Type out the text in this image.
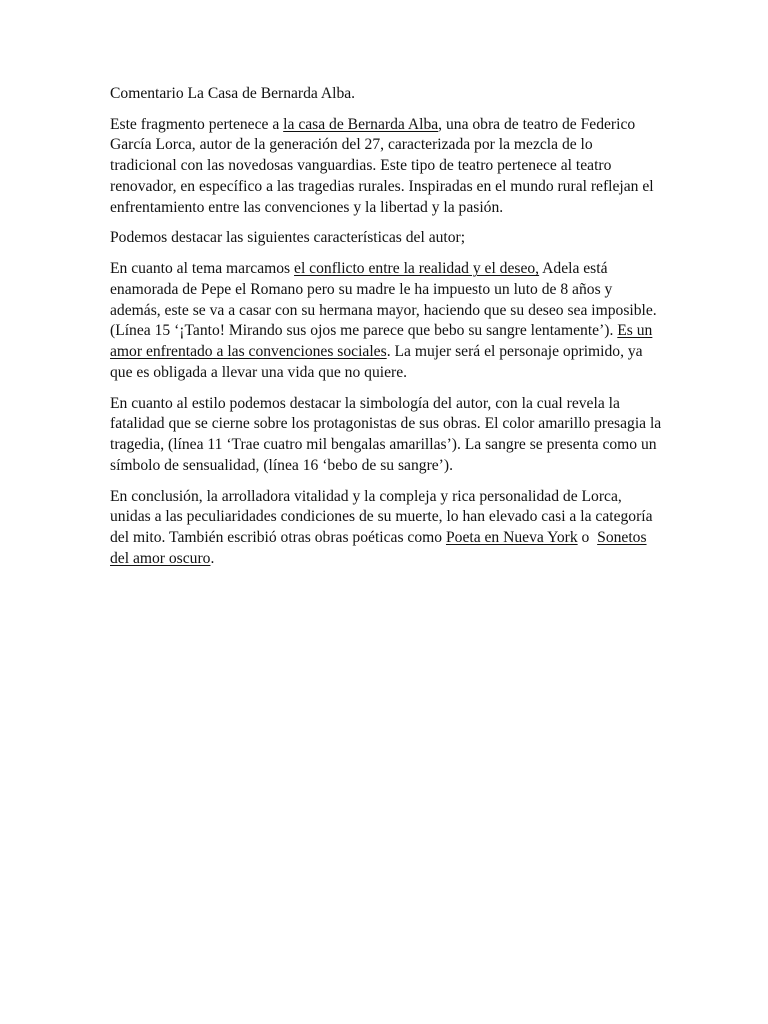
Comentario La Casa de Bernarda Alba.

Este fragmento pertenece a la casa de Bernarda Alba, una obra de teatro de Federico García Lorca, autor de la generación del 27, caracterizada por la mezcla de lo tradicional con las novedosas vanguardias. Este tipo de teatro pertenece al teatro renovador, en específico a las tragedias rurales. Inspiradas en el mundo rural reflejan el enfrentamiento entre las convenciones y la libertad y la pasión.

Podemos destacar las siguientes características del autor;

En cuanto al tema marcamos el conflicto entre la realidad y el deseo, Adela está enamorada de Pepe el Romano pero su madre le ha impuesto un luto de 8 años y además, este se va a casar con su hermana mayor, haciendo que su deseo sea imposible.(Línea 15 ‘¡Tanto! Mirando sus ojos me parece que bebo su sangre lentamente’). Es un amor enfrentado a las convenciones sociales. La mujer será el personaje oprimido, ya que es obligada a llevar una vida que no quiere.

En cuanto al estilo podemos destacar la simbología del autor, con la cual revela la fatalidad que se cierne sobre los protagonistas de sus obras. El color amarillo presagia la tragedia, (línea 11 ‘Trae cuatro mil bengalas amarillas’). La sangre se presenta como un símbolo de sensualidad, (línea 16 ‘bebo de su sangre’).

En conclusión, la arrolladora vitalidad y la compleja y rica personalidad de Lorca, unidas a las peculiaridades condiciones de su muerte, lo han elevado casi a la categoría del mito. También escribió otras obras poéticas como Poeta en Nueva York o  Sonetos del amor oscuro.
